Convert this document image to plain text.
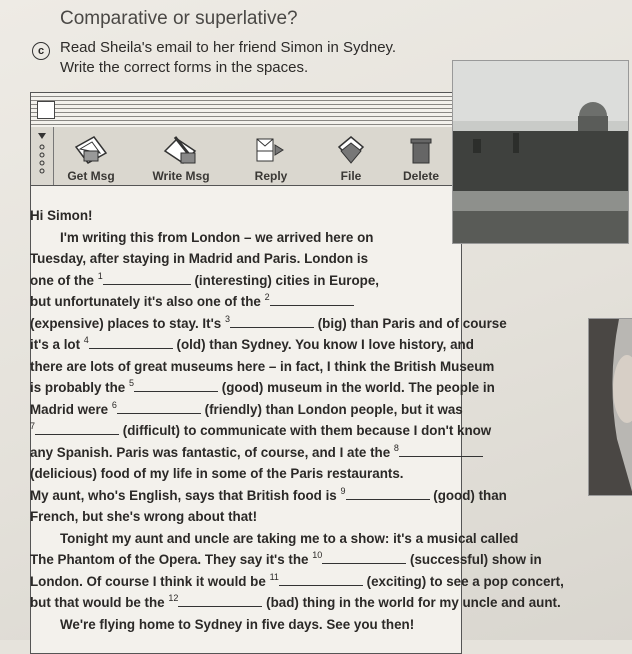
Comparative or superlative?
c	Read Sheila's email to her friend Simon in Sydney.
Write the correct forms in the spaces.
Get Msg	Write Msg	Reply	File	Delete

Hi Simon!

I'm writing this from London – we arrived here on

Tuesday, after staying in Madrid and Paris. London is

one of the $^1$	(interesting) cities in Europe,

but unfortunately it's also one of the $^2$

(expensive) places to stay. It's $^3$	(big) than Paris and of course

it's a lot $^4$	(old) than Sydney. You know I love history, and

there are lots of great museums here – in fact, I think the British Museum

is probably the $^5$	(good) museum in the world. The people in

Madrid were $^6$	(friendly) than London people, but it was

$^7$	(difficult) to communicate with them because I don't know

any Spanish. Paris was fantastic, of course, and I ate the $^8$

(delicious) food of my life in some of the Paris restaurants.

My aunt, who's English, says that British food is $^9$	(good) than

French, but she's wrong about that!

Tonight my aunt and uncle are taking me to a show: it's a musical called

The Phantom of the Opera. They say it's the $^{10}$	(successful) show in

London. Of course I think it would be $^{11}$	(exciting) to see a pop concert,

but that would be the $^{12}$	(bad) thing in the world for my uncle and aunt.

We're flying home to Sydney in five days. See you then!
